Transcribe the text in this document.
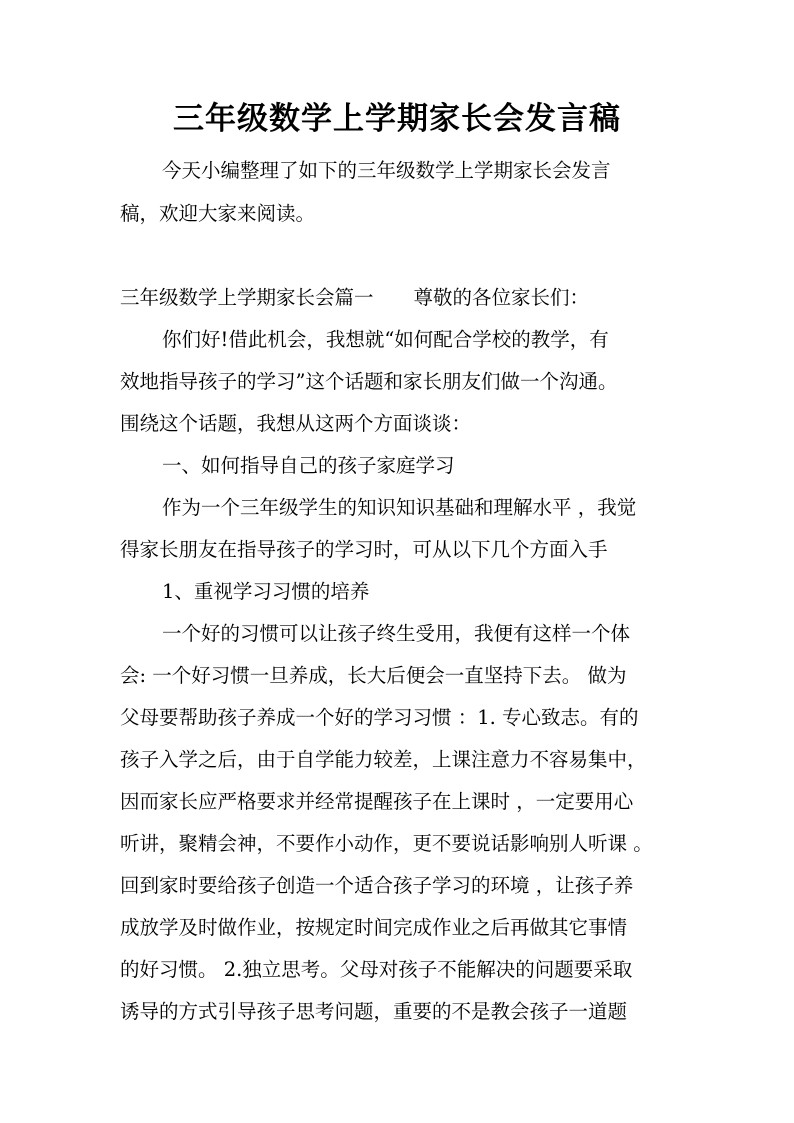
三年级数学上学期家长会发言稿
今天小编整理了如下的三年级数学上学期家长会发言
稿，欢迎大家来阅读。
三年级数学上学期家长会篇一 尊敬的各位家长们：
你们好!借此机会，我想就“如何配合学校的教学，有
效地指导孩子的学习”这个话题和家长朋友们做一个沟通。
围绕这个话题，我想从这两个方面谈谈：
一、如何指导自己的孩子家庭学习
作为一个三年级学生的知识知识基础和理解水平 ，我觉
得家长朋友在指导孩子的学习时，可从以下几个方面入手
1、重视学习习惯的培养
一个好的习惯可以让孩子终生受用，我便有这样一个体
会: 一个好习惯一旦养成，长大后便会一直坚持下去。 做为
父母要帮助孩子养成一个好的学习习惯 ：1. 专心致志。有的
孩子入学之后，由于自学能力较差，上课注意力不容易集中，
因而家长应严格要求并经常提醒孩子在上课时 ，一定要用心
听讲，聚精会神，不要作小动作，更不要说话影响别人听课 。
回到家时要给孩子创造一个适合孩子学习的环境 ，让孩子养
成放学及时做作业，按规定时间完成作业之后再做其它事情
的好习惯。 2.独立思考。父母对孩子不能解决的问题要采取
诱导的方式引导孩子思考问题，重要的不是教会孩子一道题
